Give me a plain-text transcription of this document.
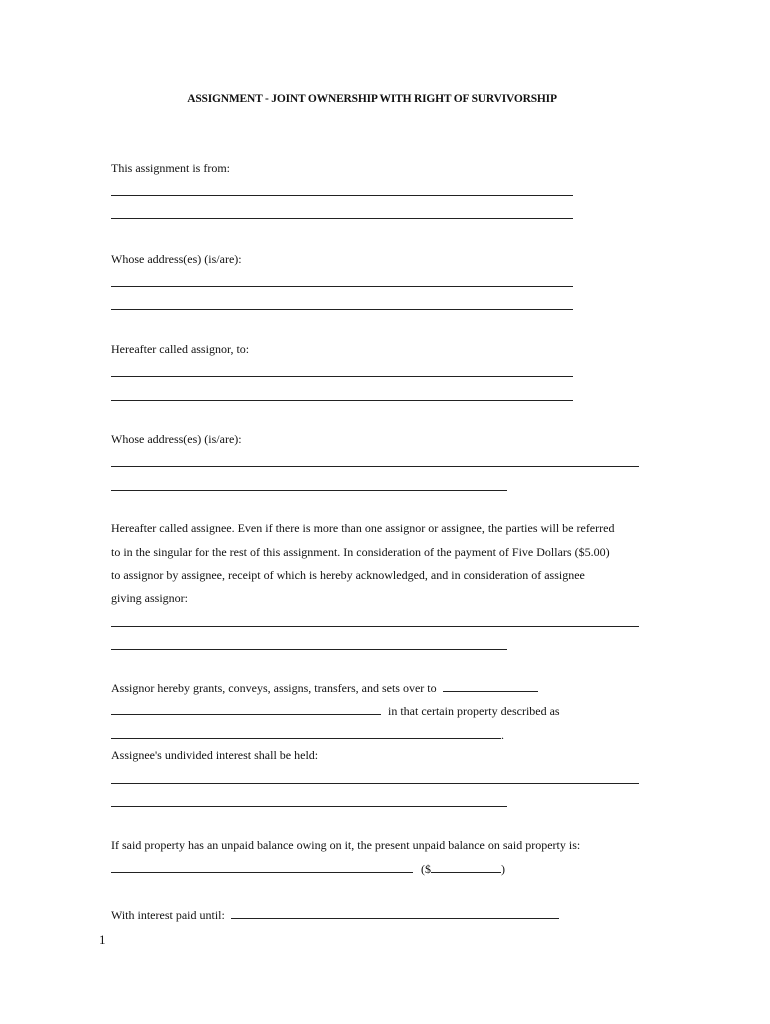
ASSIGNMENT - JOINT OWNERSHIP WITH RIGHT OF SURVIVORSHIP
This assignment is from:
Whose address(es) (is/are):
Hereafter called assignor, to:
Whose address(es) (is/are):
Hereafter called assignee. Even if there is more than one assignor or assignee, the parties will be referred
to in the singular for the rest of this assignment. In consideration of the payment of Five Dollars ($5.00)
to assignor by assignee, receipt of which is hereby acknowledged, and in consideration of assignee
giving assignor:
Assignor hereby grants, conveys, assigns, transfers, and sets over to
in that certain property described as
.
Assignee's undivided interest shall be held:
If said property has an unpaid balance owing on it, the present unpaid balance on said property is:
($	)
With interest paid until:
1
